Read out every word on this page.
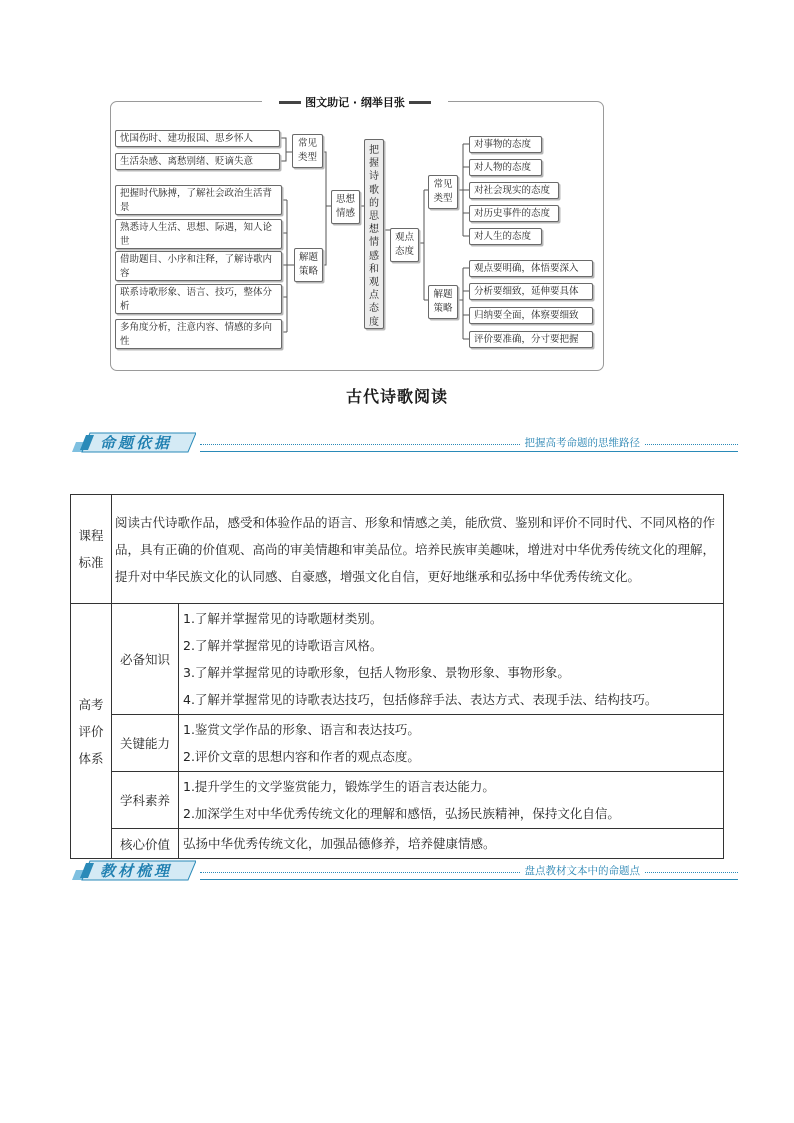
图文助记 · 纲举目张
忧国伤时、建功报国、思乡怀人
生活杂感、离愁别绪、贬谪失意
常见类型
把握时代脉搏，了解社会政治生活背景
熟悉诗人生活、思想、际遇，知人论世
借助题目、小序和注释，了解诗歌内容
联系诗歌形象、语言、技巧，整体分析
多角度分析，注意内容、情感的多向性
解题策略
思想情感
把握诗歌的思想情感和观点态度
观点态度
常见类型
对事物的态度
对人物的态度
对社会现实的态度
对历史事件的态度
对人生的态度
解题策略
观点要明确，体悟要深入
分析要细致，延伸要具体
归纳要全面，体察要细致
评价要准确，分寸要把握
古代诗歌阅读
命题依据	把握高考命题的思维路径
课程标准	阅读古代诗歌作品，感受和体验作品的语言、形象和情感之美，能欣赏、鉴别和评价不同时代、不同风格的作品，具有正确的价值观、高尚的审美情趣和审美品位。培养民族审美趣味，增进对中华优秀传统文化的理解，提升对中华民族文化的认同感、自豪感，增强文化自信，更好地继承和弘扬中华优秀传统文化。	

高考评价体系	必备知识	1.了解并掌握常见的诗歌题材类别。
2.了解并掌握常见的诗歌语言风格。
3.了解并掌握常见的诗歌形象，包括人物形象、景物形象、事物形象。
4.了解并掌握常见的诗歌表达技巧，包括修辞手法、表达方式、表现手法、结构技巧。

	关键能力	1.鉴赏文学作品的形象、语言和表达技巧。
2.评价文章的思想内容和作者的观点态度。

	学科素养	1.提升学生的文学鉴赏能力，锻炼学生的语言表达能力。
2.加深学生对中华优秀传统文化的理解和感悟，弘扬民族精神，保持文化自信。

	核心价值	弘扬中华优秀传统文化，加强品德修养，培养健康情感。
教材梳理	盘点教材文本中的命题点
